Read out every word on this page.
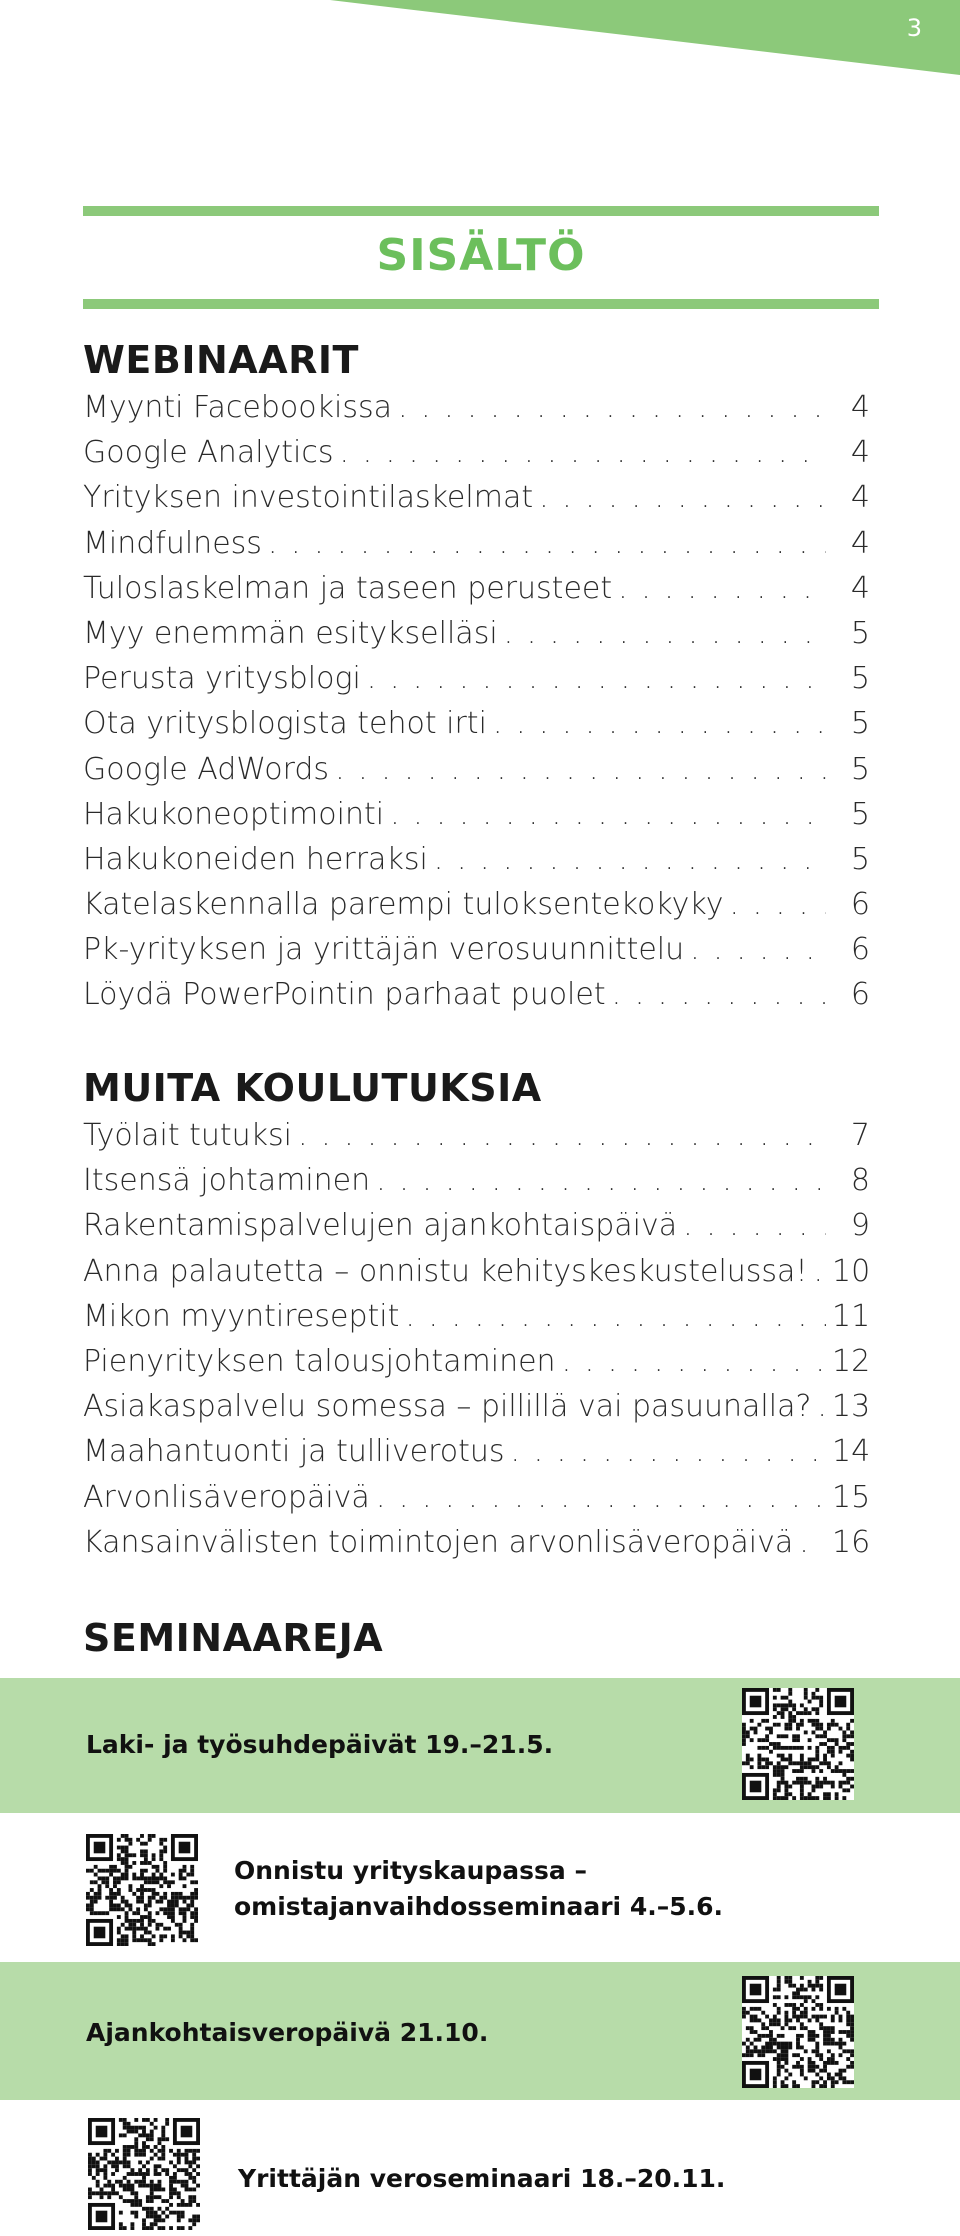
3
SISÄLTÖ
WEBINAARIT
Myynti Facebookissa . . .	4
Google Analytics . . .	4
Yrityksen investointilaskelmat . . .	4
Mindfulness . . .	4
Tuloslaskelman ja taseen perusteet . . .	4
Myy enemmän esitykselläsi . . .	5
Perusta yritysblogi . . .	5
Ota yritysblogista tehot irti . . .	5
Google AdWords . . .	5
Hakukoneoptimointi . . .	5
Hakukoneiden herraksi . . .	5
Katelaskennalla parempi tuloksentekokyky . . .	6
Pk-yrityksen ja yrittäjän verosuunnittelu . . .	6
Löydä PowerPointin parhaat puolet . . .	6
MUITA KOULUTUKSIA
Työlait tutuksi . . .	7
Itsensä johtaminen . . .	8
Rakentamispalvelujen ajankohtaispäivä . . .	9
Anna palautetta – onnistu kehityskeskustelussa! . . . 10
Mikon myyntireseptit . . .	11
Pienyrityksen talousjohtaminen . . .	12
Asiakaspalvelu somessa – pillillä vai pasuunalla? . . . 13
Maahantuonti ja tulliverotus . . .	14
Arvonlisäveropäivä . . .	15
Kansainvälisten toimintojen arvonlisäveropäivä . . . 16
SEMINAAREJA
Laki- ja työsuhdepäivät 19.–21.5.
Onnistu yrityskaupassa –
omistajanvaihdosseminaari 4.–5.6.
Ajankohtaisveropäivä 21.10.
Yrittäjän veroseminaari 18.–20.11.
